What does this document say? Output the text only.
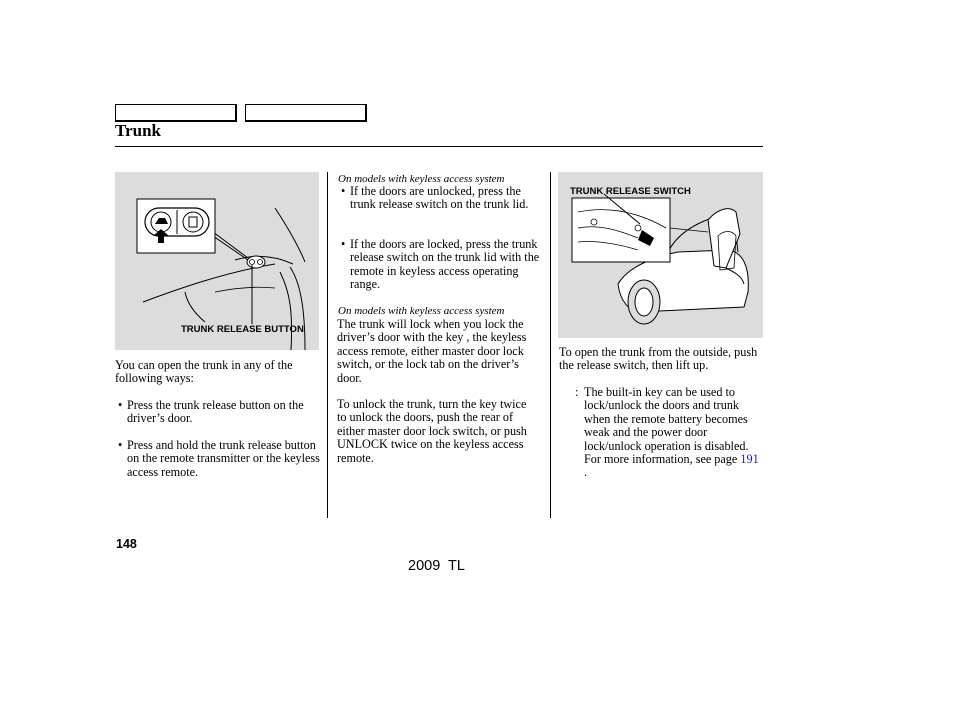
Trunk
TRUNK RELEASE BUTTON
TRUNK RELEASE SWITCH
You can open the trunk in any of the following ways:
• Press the trunk release button on the driver’s door.
• Press and hold the trunk release button on the remote transmitter or the keyless access remote.
On models with keyless access system
• If the doors are unlocked, press the trunk release switch on the trunk lid.
• If the doors are locked, press the trunk release switch on the trunk lid with the remote in keyless access operating range.
On models with keyless access system
The trunk will lock when you lock the driver’s door with the key , the keyless access remote, either master door lock switch, or the lock tab on the driver’s door.
To unlock the trunk, turn the key twice to unlock the doors, push the rear of either master door lock switch, or push UNLOCK twice on the keyless access remote.
To open the trunk from the outside, push the release switch, then lift up.
: The built-in key can be used to lock/unlock the doors and trunk when the remote battery becomes weak and the power door lock/unlock operation is disabled. For more information, see page 191 .
148
2009  TL
